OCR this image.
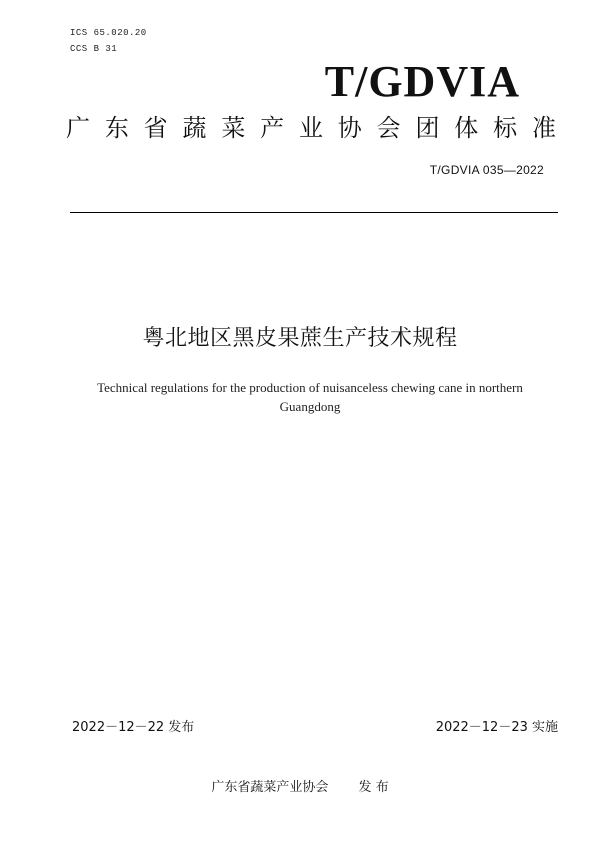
ICS 65.020.20
CCS B 31
T/GDVIA
广 东 省 蔬 菜 产 业 协 会 团 体 标 准
T/GDVIA 035—2022
粤北地区黑皮果蔗生产技术规程
Technical regulations for the production of nuisanceless chewing cane in northern
Guangdong
2022－12－22 发布	2022－12－23 实施
广东省蔬菜产业协会 发 布
